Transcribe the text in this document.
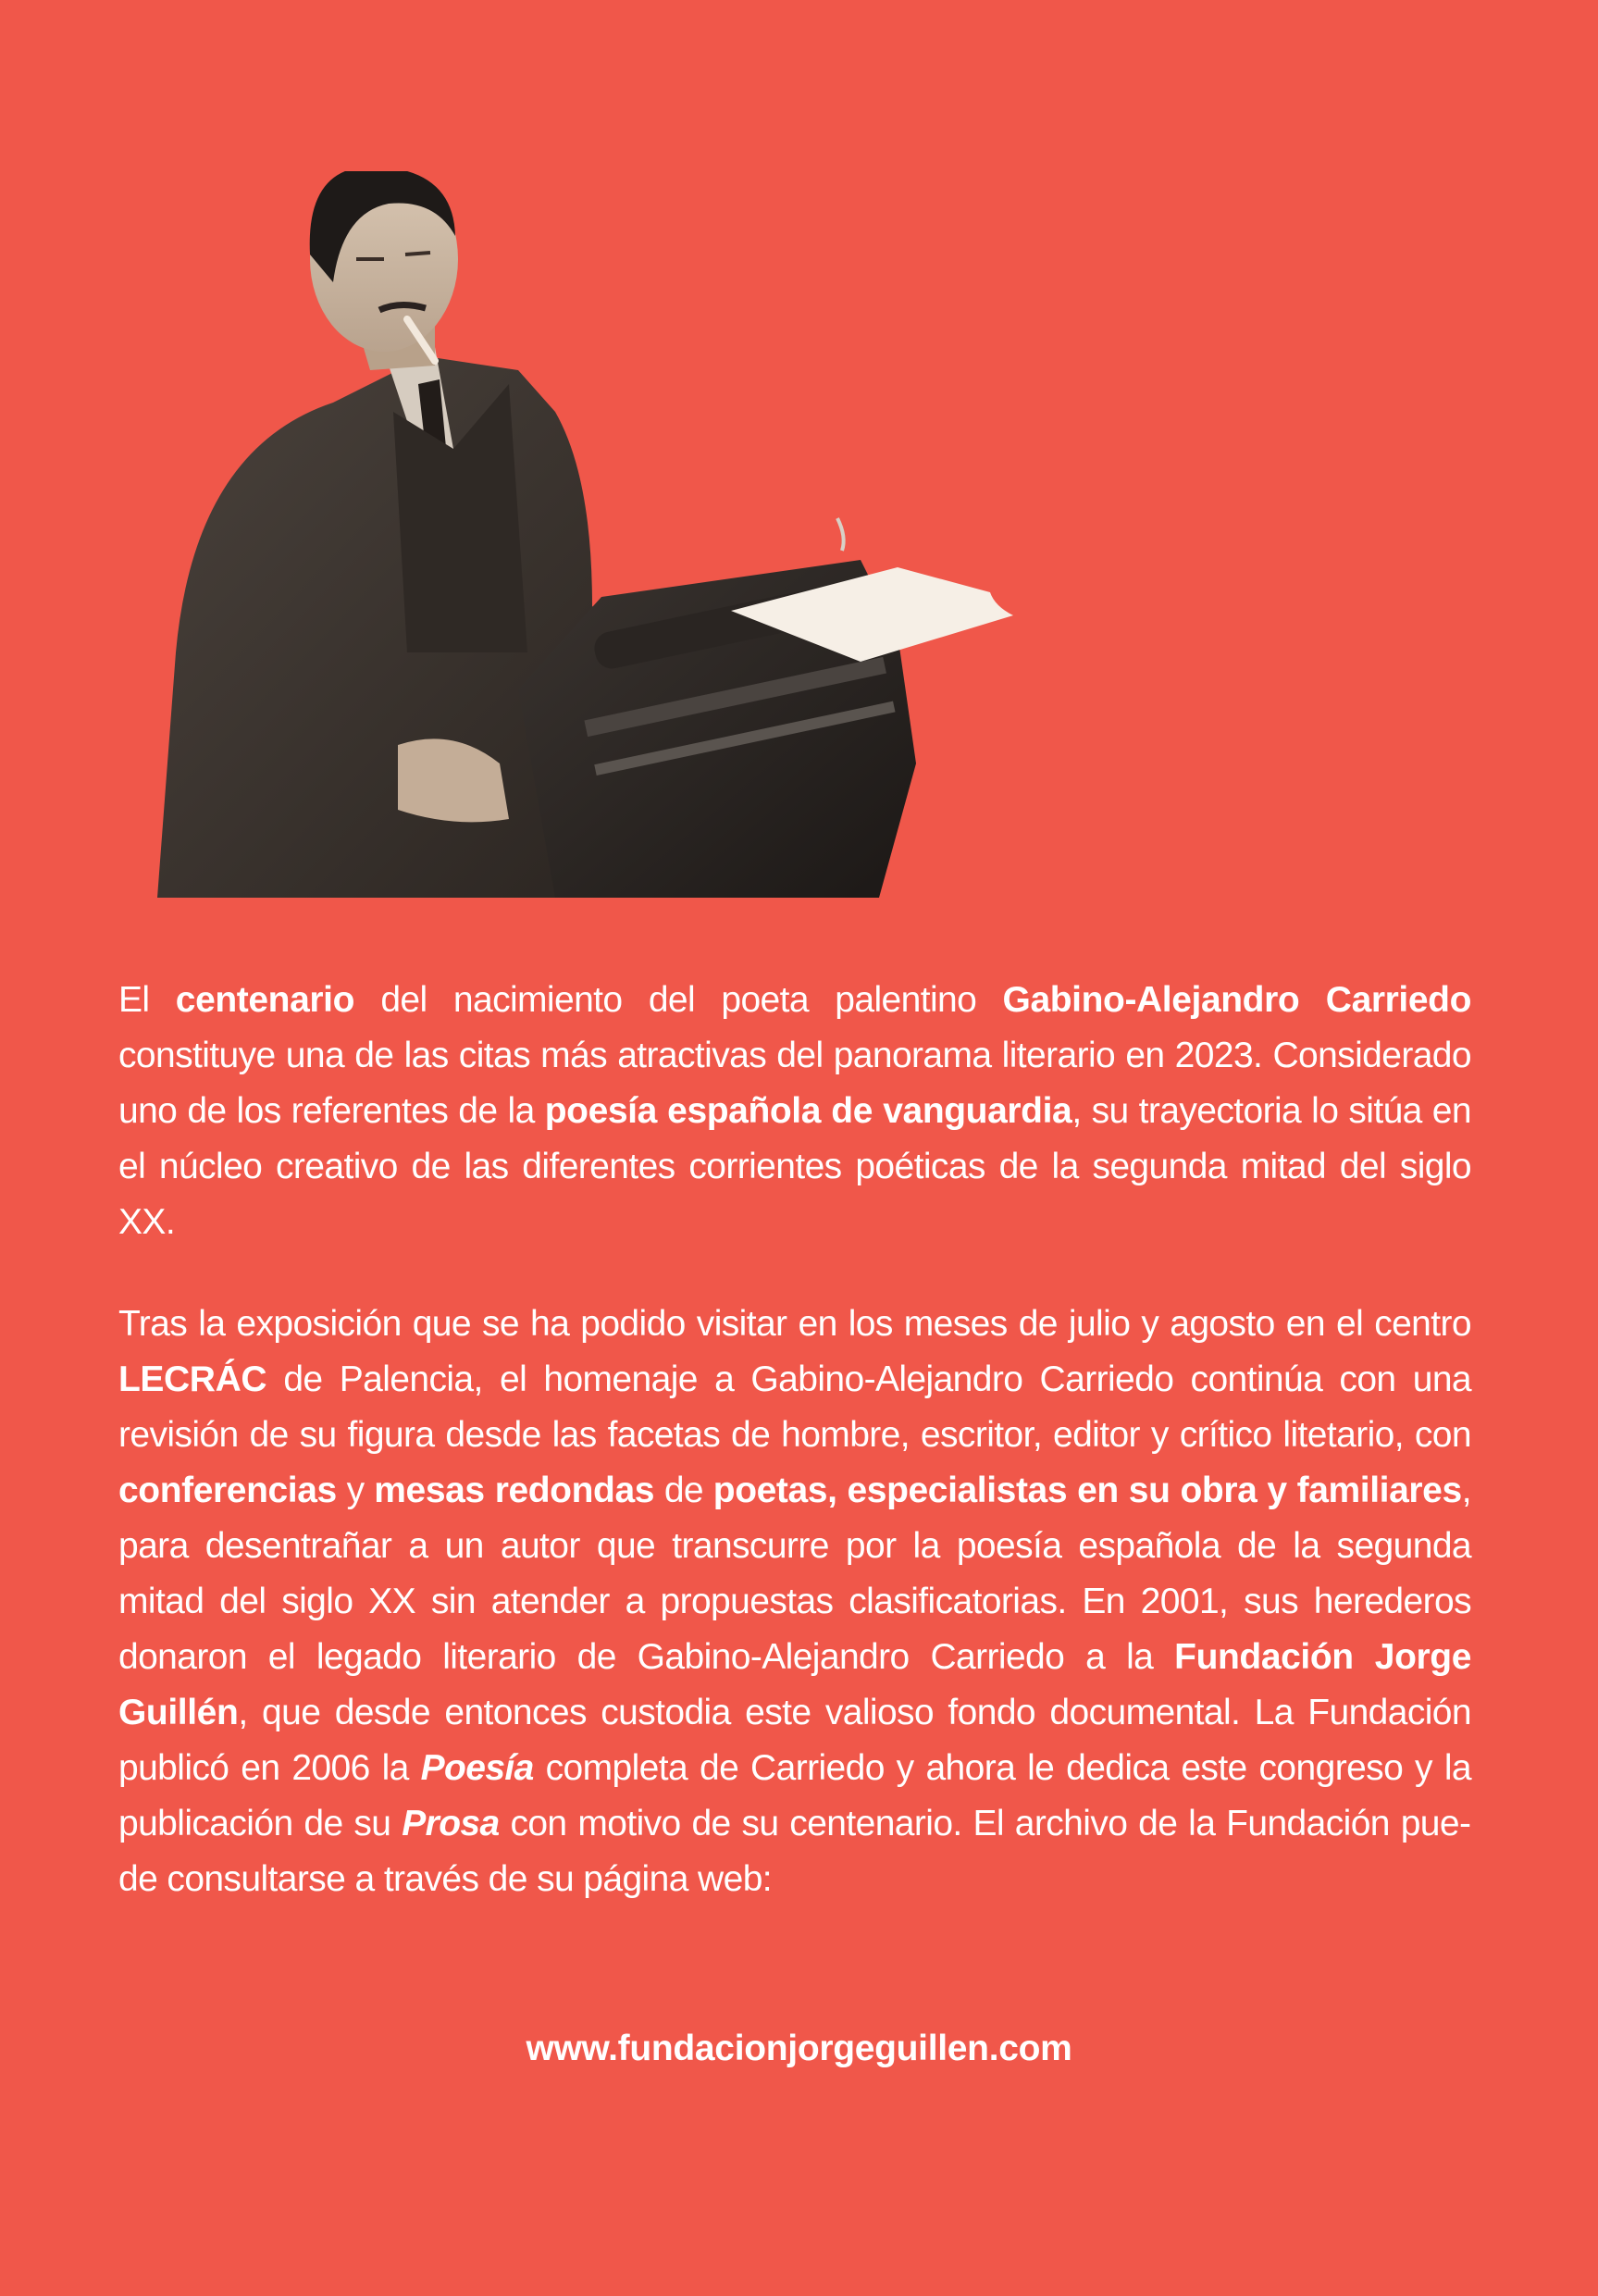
El centenario del nacimiento del poeta palentino Gabino-Alejandro Carriedo constituye una de las citas más atractivas del panorama literario en 2023. Considerado uno de los referentes de la poesía española de vanguardia, su trayectoria lo sitúa en el núcleo creativo de las diferentes corrientes poéticas de la segunda mitad del siglo XX.

Tras la exposición que se ha podido visitar en los meses de julio y agosto en el centro LECRÁC de Palencia, el homenaje a Gabino-Alejandro Carriedo continúa con una revisión de su figura desde las facetas de hombre, escritor, editor y crítico litetario, con conferencias y mesas redondas de poetas, especialistas en su obra y familiares, para desentrañar a un autor que transcurre por la poesía española de la segunda mitad del siglo XX sin atender a propuestas clasificatorias. En 2001, sus herederos donaron el legado literario de Gabino-Alejandro Carriedo a la Fundación Jorge Guillén, que desde entonces custodia este valioso fondo documental. La Fundación publicó en 2006 la Poesía completa de Carriedo y ahora le dedica este congreso y la publicación de su Prosa con motivo de su centenario. El archivo de la Fundación puede consultarse a través de su página web:

www.fundacionjorgeguillen.com
